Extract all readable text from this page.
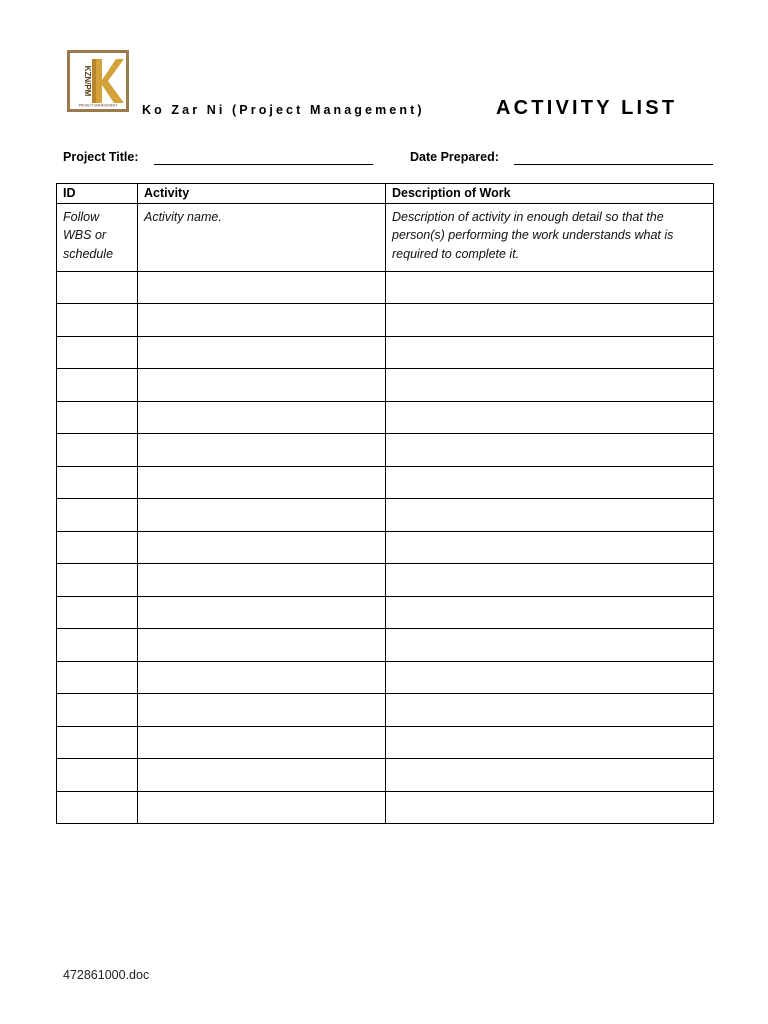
KZN/PM
PROJECT MANAGEMENT Ko Zar Ni (Project Management)	ACTIVITY LIST
Project Title:	Date Prepared:
ID	Activity	Description of Work
Follow WBS or schedule	Activity name.	Description of activity in enough detail so that the person(s) performing the work understands what is required to complete it.

472861000.doc
